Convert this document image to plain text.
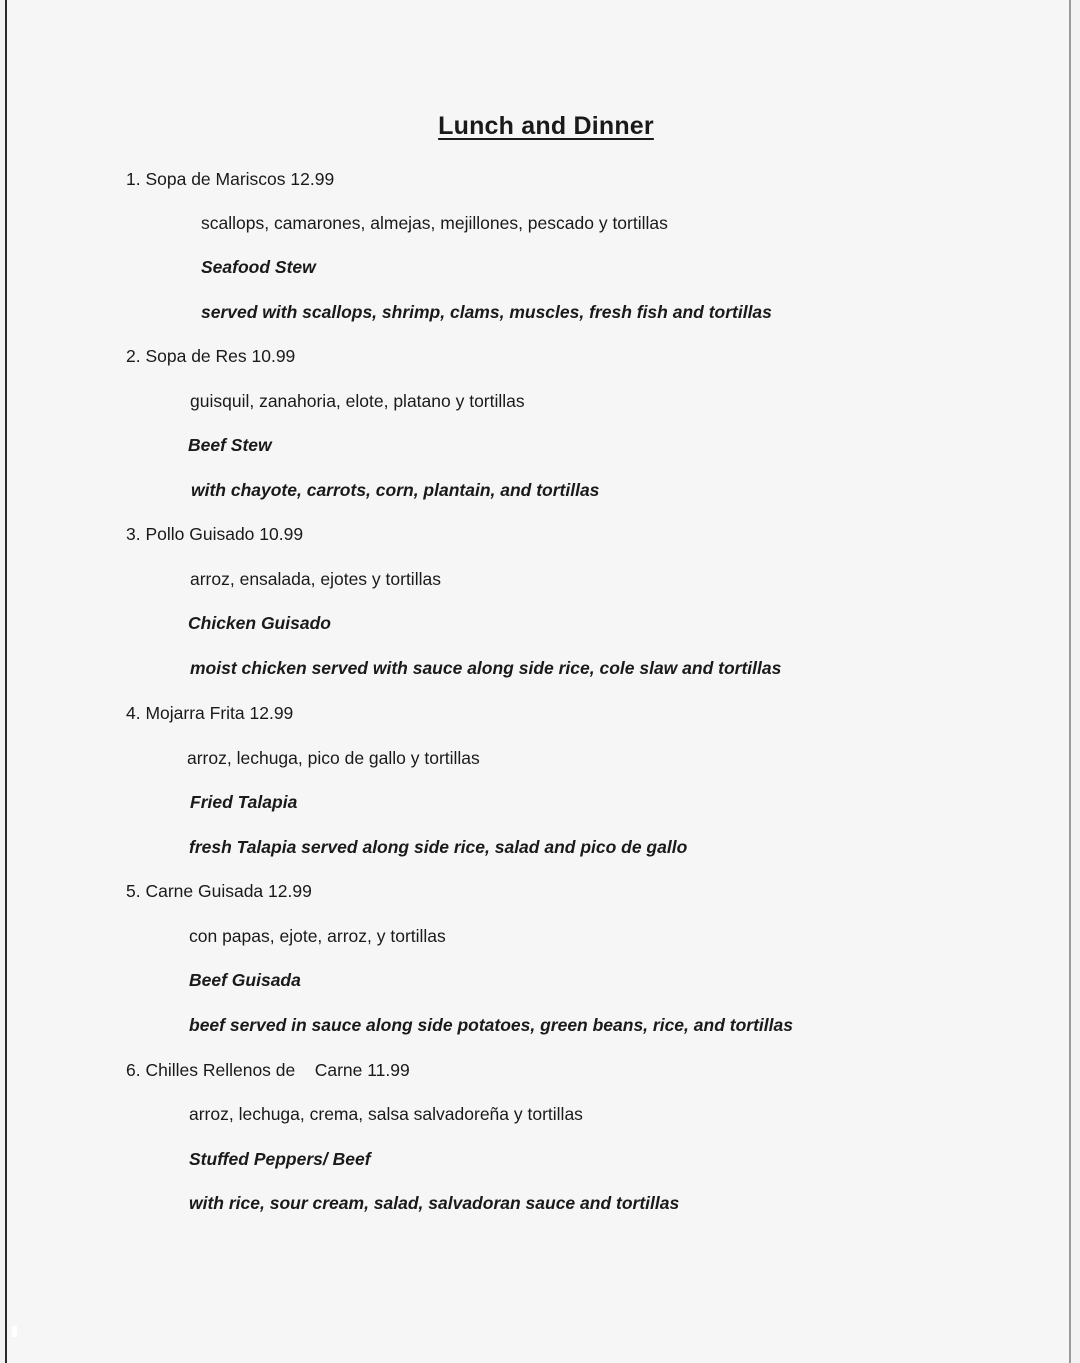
Lunch and Dinner
1. Sopa de Mariscos 12.99
scallops, camarones, almejas, mejillones, pescado y tortillas
Seafood Stew
served with scallops, shrimp, clams, muscles, fresh fish and tortillas
2. Sopa de Res 10.99
guisquil, zanahoria, elote, platano y tortillas
Beef Stew
with chayote, carrots, corn, plantain, and tortillas
3. Pollo Guisado 10.99
arroz, ensalada, ejotes y tortillas
Chicken Guisado
moist chicken served with sauce along side rice, cole slaw and tortillas
4. Mojarra Frita 12.99
arroz, lechuga, pico de gallo y tortillas
Fried Talapia
fresh Talapia served along side rice, salad and pico de gallo
5. Carne Guisada 12.99
con papas, ejote, arroz, y tortillas
Beef Guisada
beef served in sauce along side potatoes, green beans, rice, and tortillas
6. Chilles Rellenos de    Carne 11.99
arroz, lechuga, crema, salsa salvadoreña y tortillas
Stuffed Peppers/ Beef
with rice, sour cream, salad, salvadoran sauce and tortillas
